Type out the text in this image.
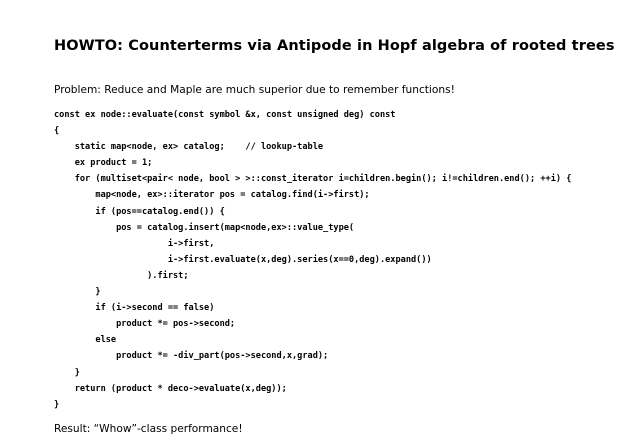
HOWTO: Counterterms via Antipode in Hopf algebra of rooted trees
Problem: Reduce and Maple are much superior due to remember functions!
const ex node::evaluate(const symbol &x, const unsigned deg) const
{
static map<node, ex> catalog;    // lookup-table
ex product = 1;
for (multiset<pair< node, bool > >::const_iterator i=children.begin(); i!=children.end(); ++i) {
map<node, ex>::iterator pos = catalog.find(i->first);
if (pos==catalog.end()) {
pos = catalog.insert(map<node,ex>::value_type(
i->first,
i->first.evaluate(x,deg).series(x==0,deg).expand())
).first;
}
if (i->second == false)
product *= pos->second;
else
product *= -div_part(pos->second,x,grad);
}
return (product * deco->evaluate(x,deg));
}
Result: “Whow”-class performance!
